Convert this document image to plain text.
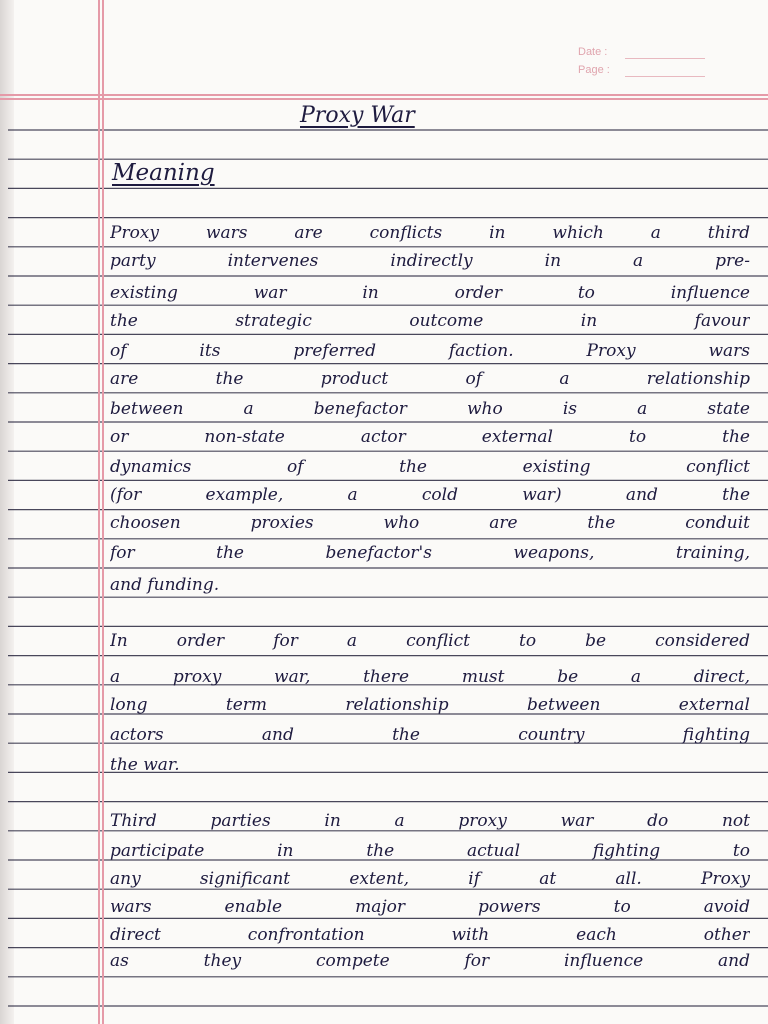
Date :
Page :
Proxy War
Meaning
Proxy wars are conflicts in which a third
party intervenes indirectly in a pre-
existing war in order to influence
the strategic outcome in favour
of its preferred faction. Proxy wars
are the product of a relationship
between a benefactor who is a state
or non-state actor external to the
dynamics of the existing conflict
(for example, a cold war) and the
choosen proxies who are the conduit
for the benefactor's weapons, training,
and funding.
In order for a conflict to be considered
a proxy war, there must be a direct,
long term relationship between external
actors and the country fighting
the war.
Third parties in a proxy war do not
participate in the actual fighting to
any significant extent, if at all. Proxy
wars enable major powers to avoid
direct confrontation with each other
as they compete for influence and
